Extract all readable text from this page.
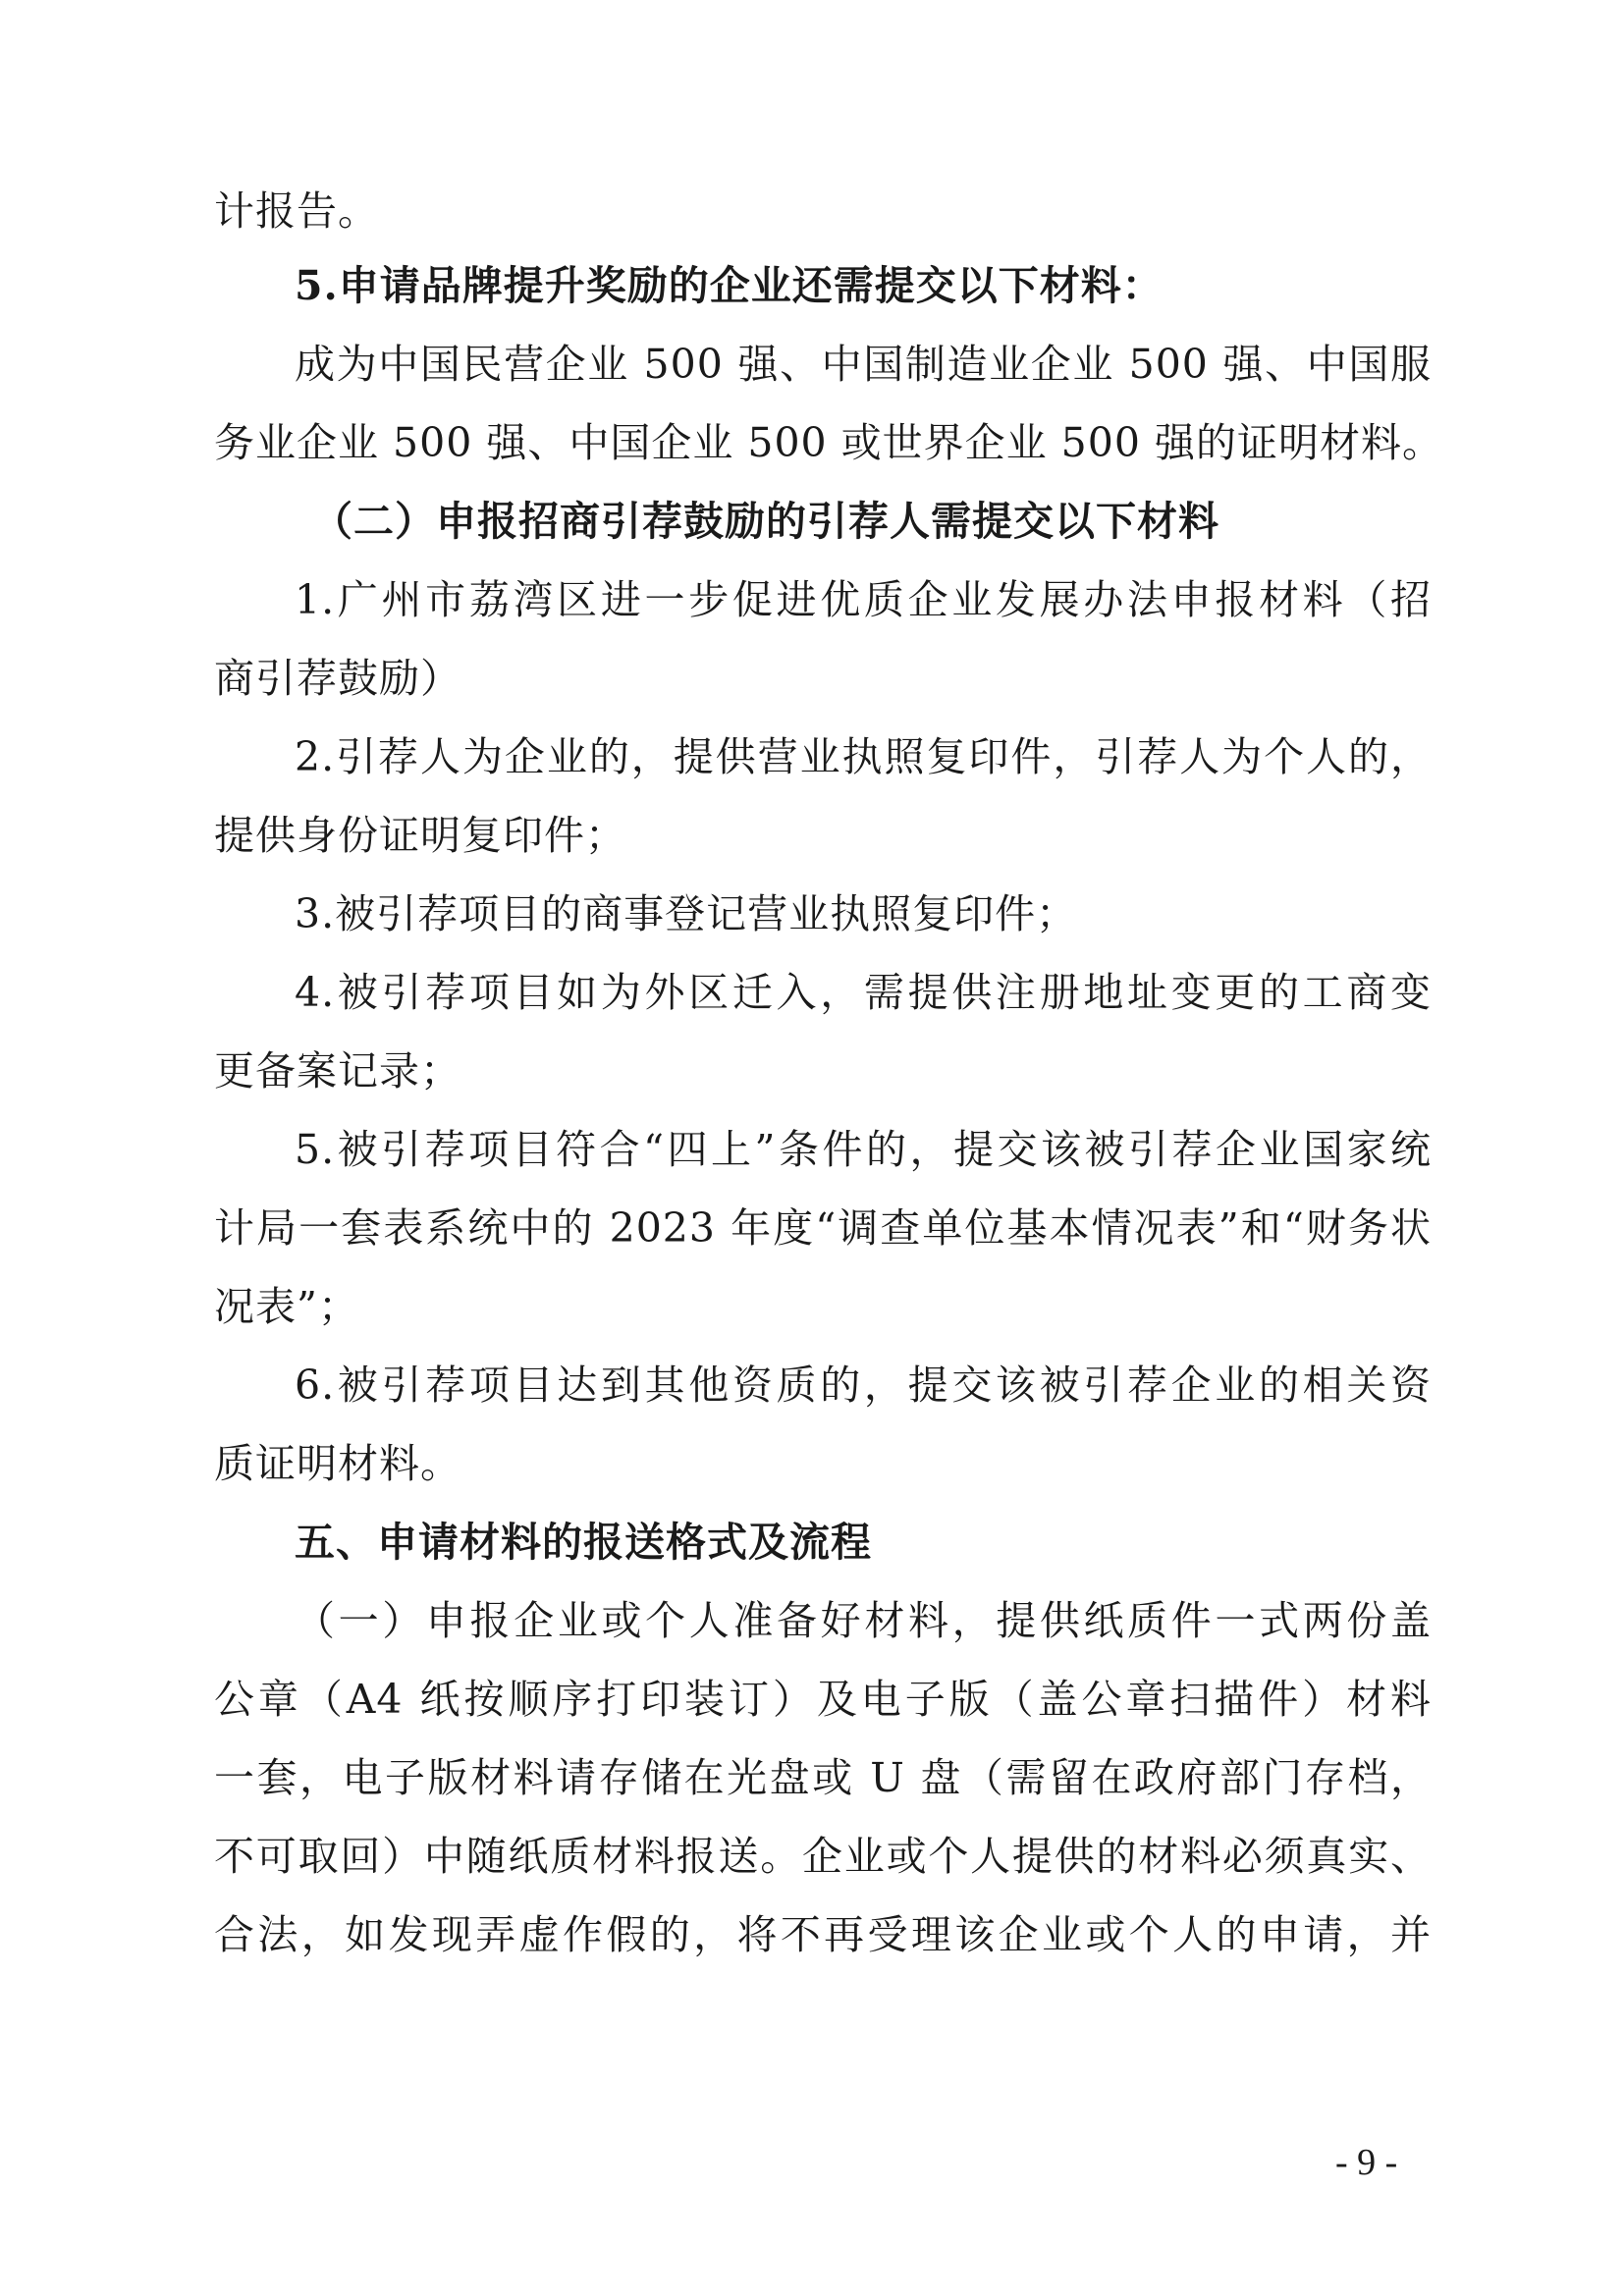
计报告。
5.申请品牌提升奖励的企业还需提交以下材料：
成为中国民营企业 500 强、中国制造业企业 500 强、中国服
务业企业 500 强、中国企业 500 或世界企业 500 强的证明材料。
（二）申报招商引荐鼓励的引荐人需提交以下材料
1.广州市荔湾区进一步促进优质企业发展办法申报材料（招
商引荐鼓励）
2.引荐人为企业的，提供营业执照复印件，引荐人为个人的，
提供身份证明复印件；
3.被引荐项目的商事登记营业执照复印件；
4.被引荐项目如为外区迁入，需提供注册地址变更的工商变
更备案记录；
5.被引荐项目符合“四上”条件的，提交该被引荐企业国家统
计局一套表系统中的 2023 年度“调查单位基本情况表”和“财务状
况表”；
6.被引荐项目达到其他资质的，提交该被引荐企业的相关资
质证明材料。
五、申请材料的报送格式及流程
（一）申报企业或个人准备好材料，提供纸质件一式两份盖
公章（A4 纸按顺序打印装订）及电子版（盖公章扫描件）材料
一套，电子版材料请存储在光盘或 U 盘（需留在政府部门存档，
不可取回）中随纸质材料报送。企业或个人提供的材料必须真实、
合法，如发现弄虚作假的，将不再受理该企业或个人的申请，并
- 9 -
